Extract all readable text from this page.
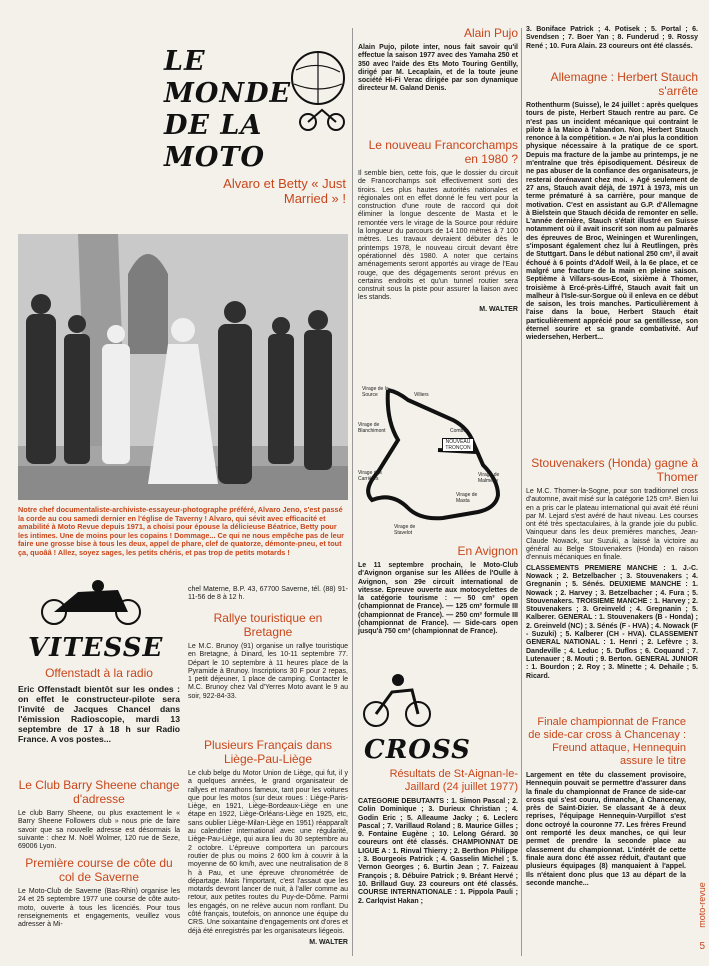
LE MONDE DE LA MOTO
Alvaro et Betty « Just Married » !
Notre chef documentaliste-archiviste-essayeur-photographe préféré, Alvaro Jeno, s'est passé la corde au cou samedi dernier en l'église de Taverny ! Alvaro, qui sévit avec efficacité et amabilité à Moto Revue depuis 1971, a choisi pour épouse la délicieuse Béatrice, Betty pour les intimes. Une de moins pour les copains ! Dommage... Ce qui ne nous empêche pas de leur faire une grosse bise à tous les deux, appel de phare, clef de quatorze, démonte-pneu, et tout ça, quoââ ! Allez, soyez sages, les petits chéris, et pas trop de petits motards !
VITESSE
Offenstadt à la radio

Eric Offenstadt bientôt sur les ondes : on effet le constructeur-pilote sera l'invité de Jacques Chancel dans l'émission Radioscopie, mardi 13 septembre de 17 à 18 h sur Radio France. A vos postes...

Le Club Barry Sheene change d'adresse

Le club Barry Sheene, ou plus exactement le « Barry Sheene Followers club » nous prie de faire savoir que sa nouvelle adresse est désormais la suivante : chez M. Noël Wolmer, 120 rue de Seze, 69006 Lyon.

Première course de côte du col de Saverne

Le Moto-Club de Saverne (Bas-Rhin) organise les 24 et 25 septembre 1977 une course de côte auto-moto, ouverte à tous les licenciés. Pour tous renseignements et engagements, veuillez vous adresser à Mi-

chel Materne, B.P. 43, 67700 Saverne, tél. (88) 91-11-56 de 8 à 12 h.

Rallye touristique en Bretagne

Le M.C. Brunoy (91) organise un rallye touristique en Bretagne, à Dinard, les 10-11 septembre 77. Départ le 10 septembre à 11 heures place de la Pyramide à Brunoy. Inscriptions 30 F pour 2 repas, 1 petit déjeuner, 1 place de camping. Contacter le M.C. Brunoy chez Val d'Yerres Moto avant le 9 au soir, 922-84-33.

Plusieurs Français dans Liège-Pau-Liège

Le club belge du Motor Union de Liège, qui fut, il y a quelques années, le grand organisateur de rallyes et marathons fameux, tant pour les voitures que pour les motos (sur deux roues : Liège-Paris-Liège, en 1921, Liège-Bordeaux-Liège en une étape en 1922, Liège-Orléans-Liège en 1925, etc, sans oublier Liège-Milan-Liège en 1951) réapparaît au calendrier international avec une régularité, Liège-Pau-Liège, qui aura lieu du 30 septembre au 2 octobre. L'épreuve comportera un parcours routier de plus ou moins 2 600 km à couvrir à la moyenne de 60 km/h, avec une neutralisation de 8 h à Pau, et une épreuve chronométrée de départage. Mais l'important, c'est l'assaut que les motards devront lancer de nuit, à l'aller comme au retour, aux petites routes du Puy-de-Dôme. Parmi les engagés, on ne relève aucun nom ronflant. Du côté français, toutefois, on annonce une équipe du CRS. Une soixantaine d'engagements ont d'ores et déjà été enregistrés par les organisateurs liégeois.

M. WALTER
Alain Pujo

Alain Pujo, pilote inter, nous fait savoir qu'il effectue la saison 1977 avec des Yamaha 250 et 350 avec l'aide des Ets Moto Touring Gentilly, dirigé par M. Lecaplain, et de la toute jeune société Hi-Fi Verac dirigée par son dynamique directeur M. Galand Denis.

Le nouveau Francorchamps en 1980 ?

Il semble bien, cette fois, que le dossier du circuit de Francorchamps soit effectivement sorti des tiroirs. Les plus hautes autorités nationales et régionales ont en effet donné le feu vert pour la construction d'une route de raccord qui doit éliminer la longue descente de Masta et le remontée vers le virage de la Source pour réduire la longueur du parcours de 14 100 mètres à 7 100 mètres. Les travaux devraient débuter dès le printemps 1978, le nouveau circuit devant être opérationnel dès 1980. A noter que certains aménagements seront apportés au virage de l'Eau rouge, que des dégagements seront prévus en certains endroits et qu'un tunnel routier sera construit sous la piste pour assurer la liaison avec les stands.

M. WALTER
Virage de la Source	Villiers
Virage de Blanchimont	Combes
Virage des Carrières
NOUVEAU TRONÇON
Virage de Malmedy
Virage de Masta
Virage de Stavelot
En Avignon

Le 11 septembre prochain, le Moto-Club d'Avignon organise sur les Allées de l'Oulle à Avignon, son 29e circuit international de vitesse. Epreuve ouverte aux motocyclettes de la catégorie tourisme : — 50 cm³ open (championnat de France). — 125 cm³ formule III (championnat de France). — 250 cm³ formule III (championnat de France). — Side-cars open jusqu'à 750 cm³ (championnat de France).

CROSS
Résultats de St-Aignan-le-Jaillard (24 juillet 1977)

CATEGORIE DEBUTANTS : 1. Simon Pascal ; 2. Colin Dominique ; 3. Durieux Christian ; 4. Godin Eric ; 5. Alleaume Jacky ; 6. Leclerc Pascal ; 7. Varillaud Roland ; 8. Maurice Gilles ; 9. Fontaine Eugène ; 10. Lelong Gérard. 30 coureurs ont été classés. CHAMPIONNAT DE LIGUE A : 1. Rinval Thierry ; 2. Berthon Philippe ; 3. Bourgeois Patrick ; 4. Gasselin Michel ; 5. Vernon Georges ; 6. Burtin Jean ; 7. Faizeau François ; 8. Débuire Patrick ; 9. Bréant Hervé ; 10. Brillaud Guy. 23 coureurs ont été classés. COURSE INTERNATIONALE : 1. Pippola Pauli ; 2. Carlqvist Hakan ;

3. Boniface Patrick ; 4. Potisek ; 5. Portal ; 6. Svendsen ; 7. Boer Yan ; 8. Funderud ; 9. Rossy René ; 10. Fura Alain. 23 coureurs ont été classés.

Allemagne : Herbert Stauch s'arrête

Rothenthurm (Suisse), le 24 juillet : après quelques tours de piste, Herbert Stauch rentre au parc. Ce n'est pas un incident mécanique qui contraint le pilote à la Maico à l'abandon. Non, Herbert Stauch renonce à la compétition. « Je n'ai plus la condition physique nécessaire à la pratique de ce sport. Depuis ma fracture de la jambe au printemps, je ne m'entraîne que très épisodiquement. Désireux de ne pas abuser de la confiance des organisateurs, je resterai dorénavant chez moi. » Agé seulement de 27 ans, Stauch avait déjà, de 1971 à 1973, mis un terme prématuré à sa carrière, pour manque de motivation. C'est en assistant au G.P. d'Allemagne à Bielstein que Stauch décida de remonter en selle. L'année dernière, Stauch s'était illustré en Suisse notamment où il avait inscrit son nom au palmarès des épreuves de Broc, Weiningen et Wurenlingen, s'imposant également chez lui à Reutlingen, près de Stuttgart. Dans le début national 250 cm³, il avait échoué à 6 points d'Adolf Weil, à la 6e place, et ce malgré une fracture de la main en pleine saison. Septième à Villars-sous-Ecot, sixième à Thomer, troisième à Ercé-près-Liffré, Stauch avait fait un malheur à l'Isle-sur-Sorgue où il enleva en ce début de saison, les trois manches. Particulièrement à l'aise dans la boue, Herbert Stauch était particulièrement apprécié pour sa gentillesse, son éternel sourire et sa grande combativité. Auf wiedersehen, Herbert...

Stouvenakers (Honda) gagne à Thomer

Le M.C. Thomer-la-Sogne, pour son traditionnel cross d'automne, avait misé sur la catégorie 125 cm³. Bien lui en a pris car le plateau international qui avait été réuni par M. Lejard s'est avéré de haut niveau. Les courses ont été très spectaculaires, à la grande joie du public. Vainqueur dans les deux premières manches, Jean-Claude Nowack, sur Suzuki, a laissé la victoire au général au Belge Stouvenakers (Honda) en raison d'ennuis mécaniques en finale.

CLASSEMENTS PREMIERE MANCHE : 1. J.-C. Nowack ; 2. Betzelbacher ; 3. Stouvenakers ; 4. Gregnanin ; 5. Sénés. DEUXIEME MANCHE : 1. Nowack ; 2. Harvey ; 3. Betzelbacher ; 4. Fura ; 5. Stouvenakers. TROISIEME MANCHE : 1. Harvey ; 2. Stouvenakers ; 3. Greinveld ; 4. Gregnanin ; 5. Kalberer. GENERAL : 1. Stouvenakers (B - Honda) ; 2. Greinveld (NC) ; 3. Sénés (F - HVA) ; 4. Nowack (F - Suzuki) ; 5. Kalberer (CH - HVA). CLASSEMENT GENERAL NATIONAL : 1. Henri ; 2. Lefèvre ; 3. Dandeville ; 4. Leduc ; 5. Duflos ; 6. Coquand ; 7. Lutenauer ; 8. Mouti ; 9. Berton. GENERAL JUNIOR : 1. Bourdon ; 2. Roy ; 3. Minette ; 4. Dehaile ; 5. Ricard.

Finale championnat de France de side-car cross à Chancenay : Freund attaque, Hennequin assure le titre

Largement en tête du classement provisoire, Hennequin pouvait se permettre d'assurer dans la finale du championnat de France de side-car cross qui s'est couru, dimanche, à Chancenay, près de Saint-Dizier. Se classant 4e à deux reprises, l'équipage Hennequin-Vurpillot s'est donc octroyé la couronne 77. Les frères Freund ont remporté les deux manches, ce qui leur permet de prendre la seconde place au classement du championnat. L'intérêt de cette finale aura donc été assez réduit, d'autant que plusieurs équipages (8) manquaient à l'appel. Ils n'étaient donc plus que 13 au départ de la seconde manche...	moto-revue
5
